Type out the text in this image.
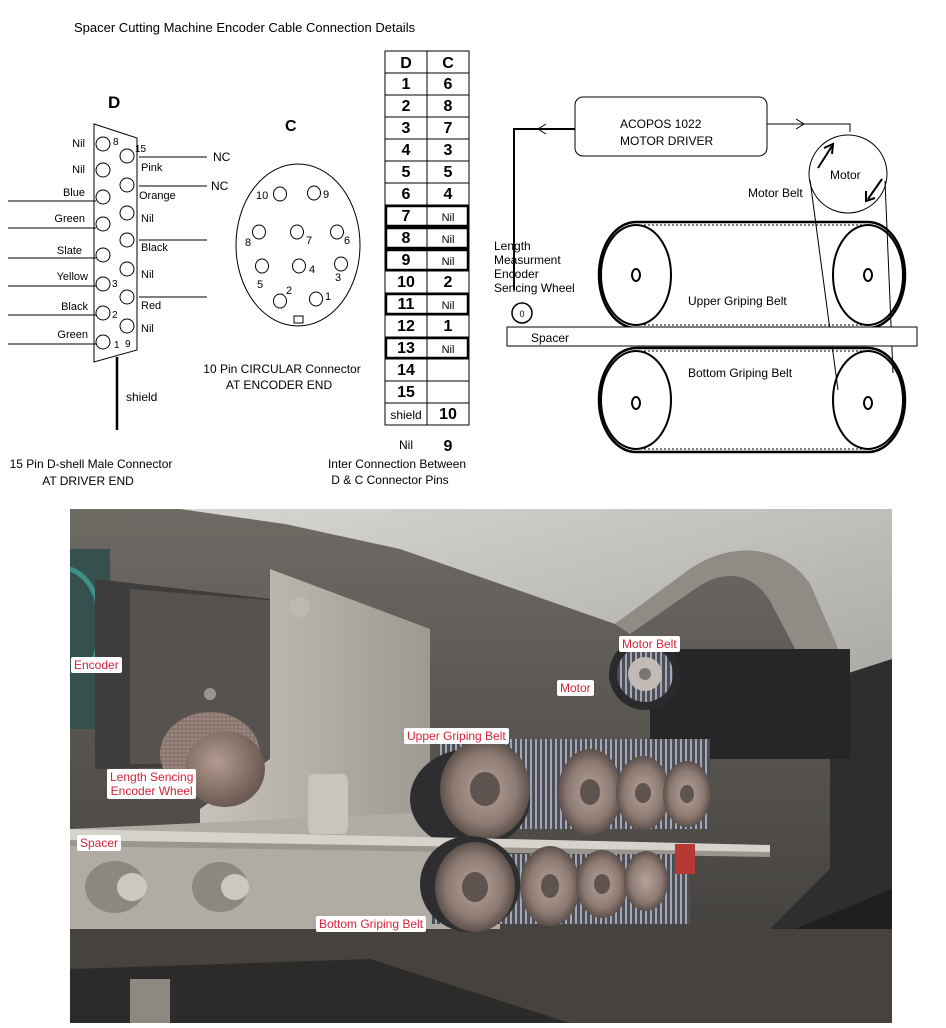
Spacer Cutting Machine Encoder Cable Connection Details
D
8
15
3
2
1 9
Nil
Nil
Blue
Green
Slate
Yellow
Black
Green
Pink
Orange
Nil
Black
Nil
Red
Nil
NC
NC
shield
15 Pin D-shell Male Connector
AT DRIVER END
C
10	9
8	7	6
5
4
3
2	1
10 Pin CIRCULAR Connector
AT ENCODER END
D C
1 6
2 8
3 7
4 3
5 5
6 4
7	Nil
8	Nil
9	Nil
10 2
11 Nil
12 1
13 Nil
14
15
shield 10
Nil 9
Inter Connection Between
D & C Connector Pins
ACOPOS 1022
MOTOR DRIVER
Motor
Motor Belt
Length
Measurment
Encoder
Sencing Wheel
0
Upper Griping Belt
Spacer
Bottom Griping Belt
Encoder
Motor Belt
Motor
Upper Griping Belt
Length Sencing
Encoder Wheel
Spacer
Bottom Griping Belt
